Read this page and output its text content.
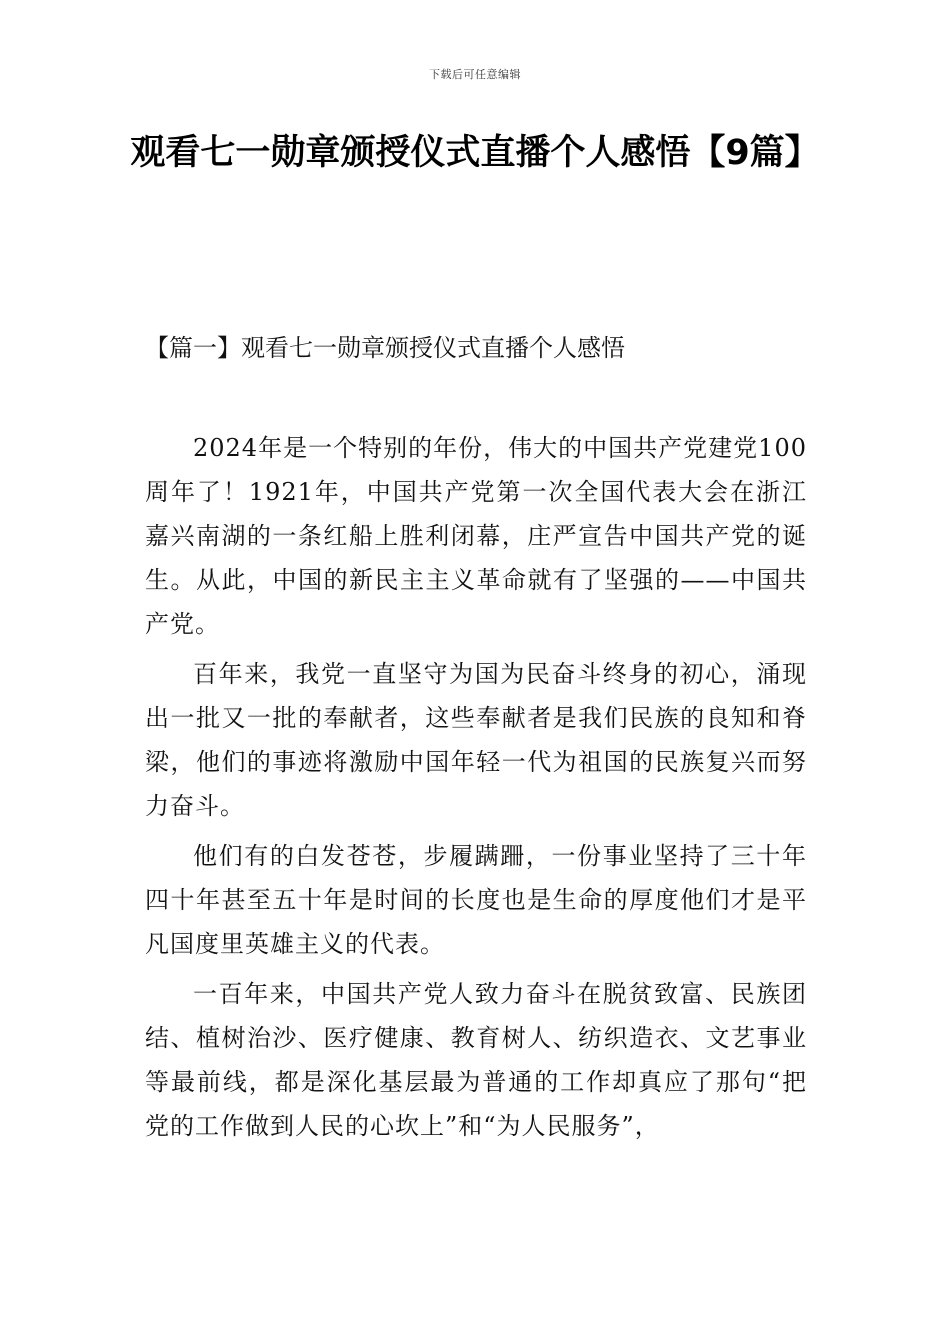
下载后可任意编辑
观看七一勋章颁授仪式直播个人感悟【9篇】
【篇一】观看七一勋章颁授仪式直播个人感悟

2024年是一个特别的年份，伟大的中国共产党建党100周年了！1921年，中国共产党第一次全国代表大会在浙江嘉兴南湖的一条红船上胜利闭幕，庄严宣告中国共产党的诞生。从此，中国的新民主主义革命就有了坚强的——中国共产党。

百年来，我党一直坚守为国为民奋斗终身的初心，涌现出一批又一批的奉献者，这些奉献者是我们民族的良知和脊梁，他们的事迹将激励中国年轻一代为祖国的民族复兴而努力奋斗。

他们有的白发苍苍，步履蹒跚，一份事业坚持了三十年四十年甚至五十年是时间的长度也是生命的厚度他们才是平凡国度里英雄主义的代表。

一百年来，中国共产党人致力奋斗在脱贫致富、民族团结、植树治沙、医疗健康、教育树人、纺织造衣、文艺事业等最前线，都是深化基层最为普通的工作却真应了那句“把党的工作做到人民的心坎上”和“为人民服务”，
